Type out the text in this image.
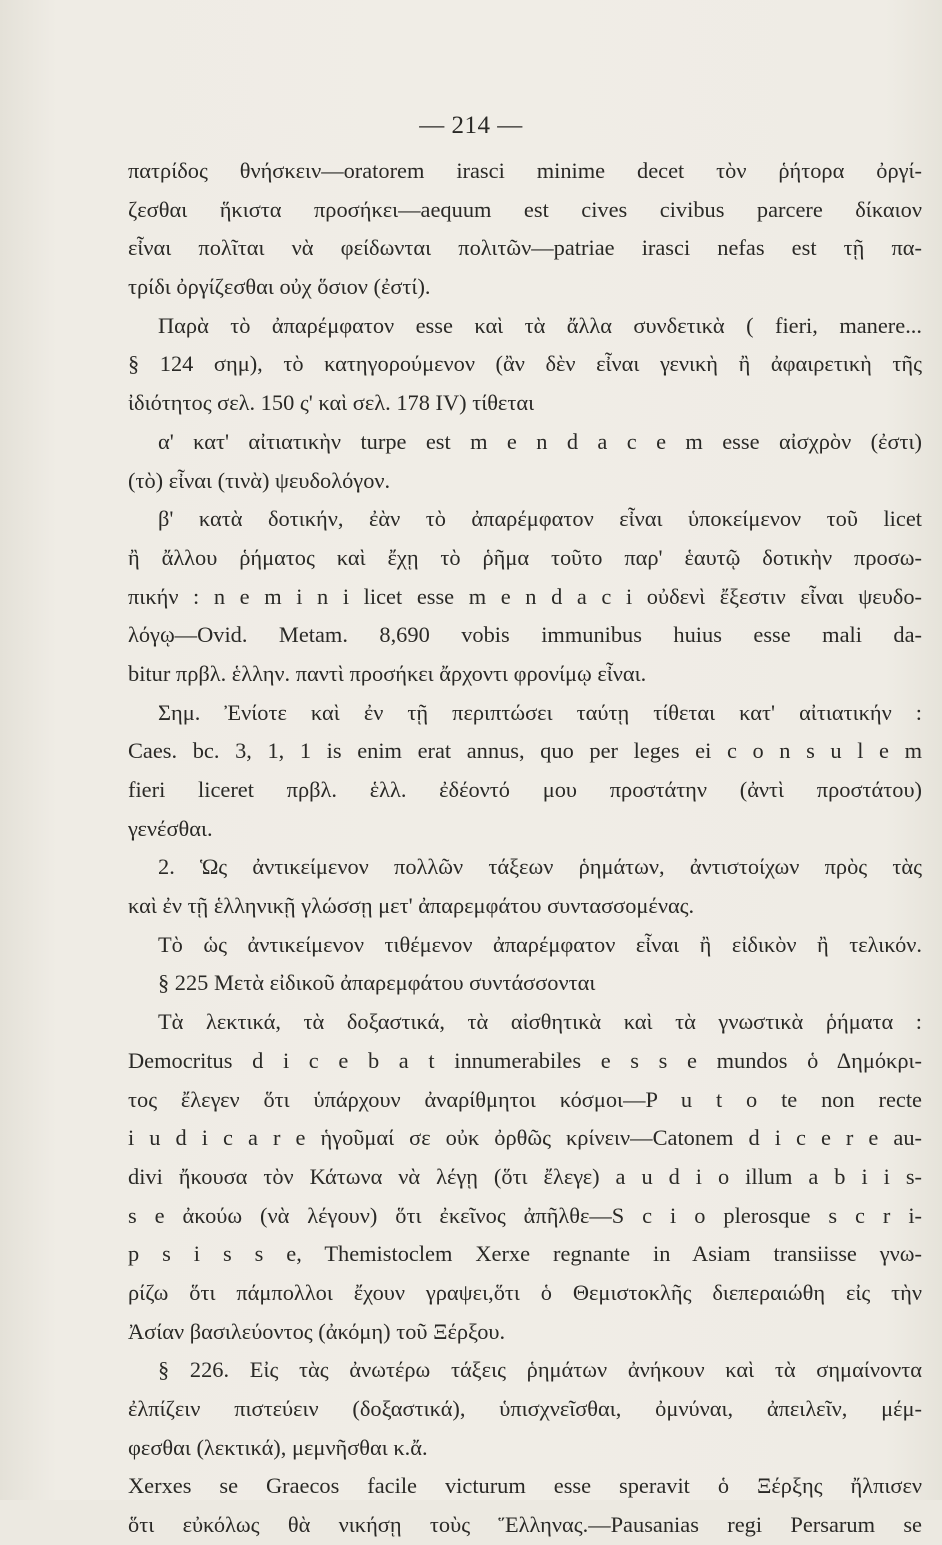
— 214 —
πατρίδος θνήσκειν—oratorem irasci minime decet τὸν ῥήτορα ὀργί-
ζεσθαι ἥκιστα προσήκει—aequum est cives civibus parcere δίκαιον
εἶναι πολῖται νὰ φείδωνται πολιτῶν—patriae irasci nefas est τῇ πα-
τρίδι ὀργίζεσθαι οὐχ ὅσιον (ἐστί).
Παρὰ τὸ ἀπαρέμφατον esse καὶ τὰ ἄλλα συνδετικὰ ( fieri, manere...
§ 124 σημ), τὸ κατηγορούμενον (ἂν δὲν εἶναι γενικὴ ἢ ἀφαιρετικὴ τῆς
ἰδιότητος σελ. 150 ς' καὶ σελ. 178 IV) τίθεται
α' κατ' αἰτιατικὴν turpe est m e n d a c e m esse αἰσχρὸν (ἐστι)
(τὸ) εἶναι (τινὰ) ψευδολόγον.
β' κατὰ δοτικήν, ἐὰν τὸ ἀπαρέμφατον εἶναι ὑποκείμενον τοῦ licet
ἢ ἄλλου ῥήματος καὶ ἔχῃ τὸ ῥῆμα τοῦτο παρ' ἑαυτῷ δοτικὴν προσω-
πικήν : n e m i n i licet esse m e n d a c i οὐδενὶ ἔξεστιν εἶναι ψευδο-
λόγῳ—Ovid. Metam. 8,690 vobis immunibus huius esse mali da-
bitur πρβλ. ἑλλην. παντὶ προσήκει ἄρχοντι φρονίμῳ εἶναι.
Σημ. Ἐνίοτε καὶ ἐν τῇ περιπτώσει ταύτῃ τίθεται κατ' αἰτιατικήν :
Caes. bc. 3, 1, 1 is enim erat annus, quo per leges ei c o n s u l e m
fieri liceret πρβλ. ἑλλ. ἐδέοντό μου προστάτην (ἀντὶ προστάτου)
γενέσθαι.
2. Ὡς ἀντικείμενον πολλῶν τάξεων ῥημάτων, ἀντιστοίχων πρὸς τὰς
καὶ ἐν τῇ ἑλληνικῇ γλώσσῃ μετ' ἀπαρεμφάτου συντασσομένας.
Τὸ ὡς ἀντικείμενον τιθέμενον ἀπαρέμφατον εἶναι ἢ εἰδικὸν ἢ τελικόν.
§ 225 Μετὰ εἰδικοῦ ἀπαρεμφάτου συντάσσονται
Τὰ λεκτικά, τὰ δοξαστικά, τὰ αἰσθητικὰ καὶ τὰ γνωστικὰ ῥήματα :
Democritus d i c e b a t innumerabiles e s s e mundos ὁ Δημόκρι-
τος ἔλεγεν ὅτι ὑπάρχουν ἀναρίθμητοι κόσμοι—P u t o te non recte
i u d i c a r e ἡγοῦμαί σε οὐκ ὀρθῶς κρίνειν—Catonem d i c e r e au-
divi ἤκουσα τὸν Κάτωνα νὰ λέγῃ (ὅτι ἔλεγε) a u d i o illum a b i i s-
s e ἀκούω (νὰ λέγουν) ὅτι ἐκεῖνος ἀπῆλθε—S c i o plerosque s c r i-
p s i s s e, Themistoclem Xerxe regnante in Asiam transiisse γνω-
ρίζω ὅτι πάμπολλοι ἔχουν γραψει,ὅτι ὁ Θεμιστοκλῆς διεπεραιώθη εἰς τὴν
Ἀσίαν βασιλεύοντος (ἀκόμη) τοῦ Ξέρξου.
§ 226. Εἰς τὰς ἀνωτέρω τάξεις ῥημάτων ἀνήκουν καὶ τὰ σημαίνοντα
ἐλπίζειν πιστεύειν (δοξαστικά), ὑπισχνεῖσθαι, ὀμνύναι, ἀπειλεῖν, μέμ-
φεσθαι (λεκτικά), μεμνῆσθαι κ.ἄ.
Xerxes se Graecos facile victurum esse speravit ὁ Ξέρξης ἤλπισεν
ὅτι εὐκόλως θὰ νικήσῃ τοὺς Ἕλληνας.—Pausanias regi Persarum se
